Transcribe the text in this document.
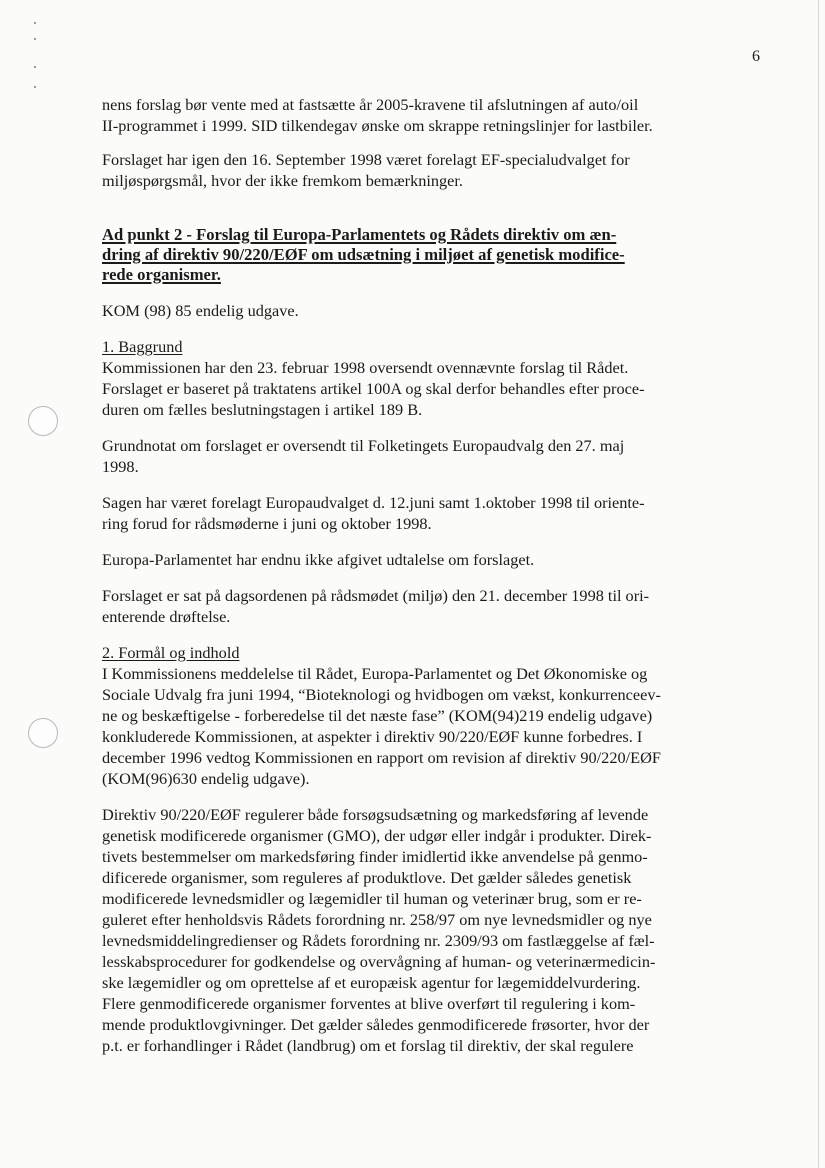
6

nens forslag bør vente med at fastsætte år 2005-kravene til afslutningen af auto/oil
II-programmet i 1999. SID tilkendegav ønske om skrappe retningslinjer for lastbiler.

Forslaget har igen den 16. September 1998 været forelagt EF-specialudvalget for
miljøspørgsmål, hvor der ikke fremkom bemærkninger.

Ad punkt 2 - Forslag til Europa-Parlamentets og Rådets direktiv om æn-
dring af direktiv 90/220/EØF om udsætning i miljøet af genetisk modifice-
rede organismer.

KOM (98) 85 endelig udgave.

1. Baggrund

Kommissionen har den 23. februar 1998 oversendt ovennævnte forslag til Rådet.
Forslaget er baseret på traktatens artikel 100A og skal derfor behandles efter proce-
duren om fælles beslutningstagen i artikel 189 B.

Grundnotat om forslaget er oversendt til Folketingets Europaudvalg den 27. maj
1998.

Sagen har været forelagt Europaudvalget d. 12.juni samt 1.oktober 1998 til oriente-
ring forud for rådsmøderne i juni og oktober 1998.

Europa-Parlamentet har endnu ikke afgivet udtalelse om forslaget.

Forslaget er sat på dagsordenen på rådsmødet (miljø) den 21. december 1998 til ori-
enterende drøftelse.

2. Formål og indhold

I Kommissionens meddelelse til Rådet, Europa-Parlamentet og Det Økonomiske og
Sociale Udvalg fra juni 1994, “Bioteknologi og hvidbogen om vækst, konkurrenceev-
ne og beskæftigelse - forberedelse til det næste fase” (KOM(94)219 endelig udgave)
konkluderede Kommissionen, at aspekter i direktiv 90/220/EØF kunne forbedres. I
december 1996 vedtog Kommissionen en rapport om revision af direktiv 90/220/EØF
(KOM(96)630 endelig udgave).

Direktiv 90/220/EØF regulerer både forsøgsudsætning og markedsføring af levende
genetisk modificerede organismer (GMO), der udgør eller indgår i produkter. Direk-
tivets bestemmelser om markedsføring finder imidlertid ikke anvendelse på genmo-
dificerede organismer, som reguleres af produktlove. Det gælder således genetisk
modificerede levnedsmidler og lægemidler til human og veterinær brug, som er re-
guleret efter henholdsvis Rådets forordning nr. 258/97 om nye levnedsmidler og nye
levnedsmiddelingredienser og Rådets forordning nr. 2309/93 om fastlæggelse af fæl-
lesskabsprocedurer for godkendelse og overvågning af human- og veterinærmedicin-
ske lægemidler og om oprettelse af et europæisk agentur for lægemiddelvurdering.
Flere genmodificerede organismer forventes at blive overført til regulering i kom-
mende produktlovgivninger. Det gælder således genmodificerede frøsorter, hvor der
p.t. er forhandlinger i Rådet (landbrug) om et forslag til direktiv, der skal regulere
